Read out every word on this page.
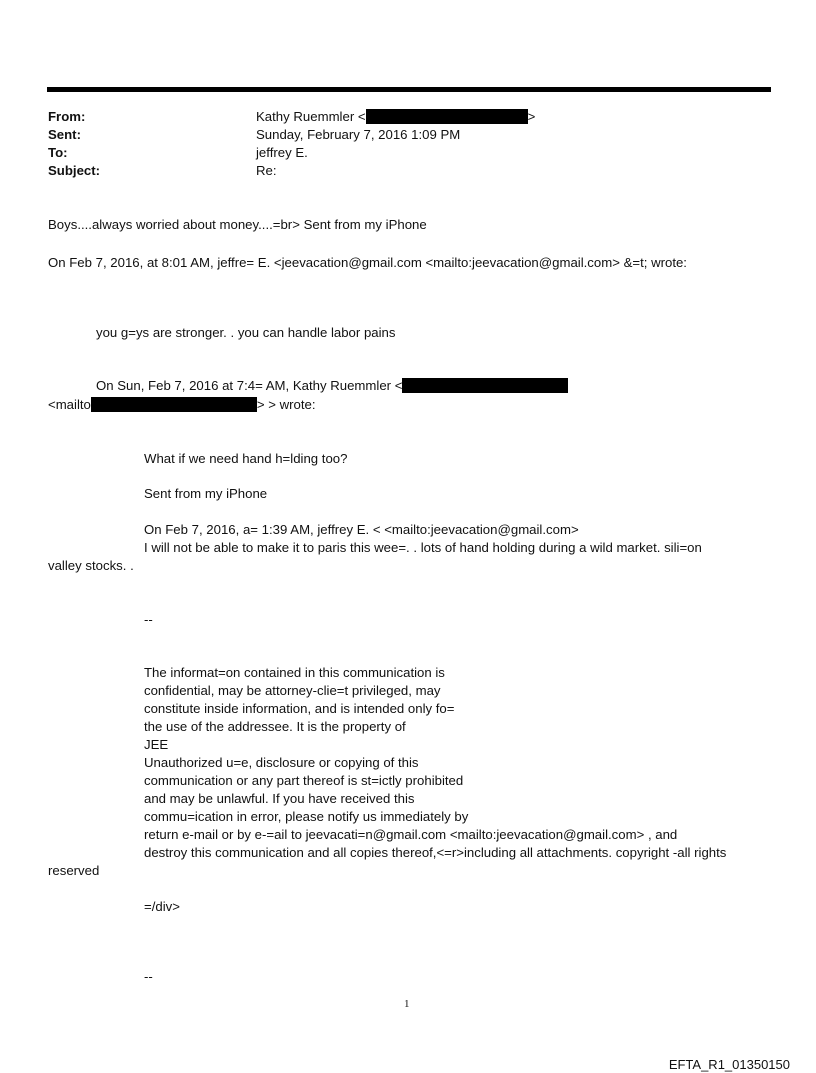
From:	Kathy Ruemmler <	>
Sent:	Sunday, February 7, 2016 1:09 PM
To:	jeffrey E.
Subject:	Re:
Boys....always worried about money....=br> Sent from my iPhone
On Feb 7, 2016, at 8:01 AM, jeffre= E. <jeevacation@gmail.com <mailto:jeevacation@gmail.com> &=t; wrote:
you g=ys are stronger. . you can handle labor pains
On Sun, Feb 7, 2016 at 7:4= AM, Kathy Ruemmler <
<mailto	> > wrote:
What if we need hand h=lding too?
Sent from my iPhone
On Feb 7, 2016, a= 1:39 AM, jeffrey E. < <mailto:jeevacation@gmail.com>
I will not be able to make it to paris this wee=. . lots of hand holding during a wild market. sili=on
valley stocks. .
--
The informat=on contained in this communication is
confidential, may be attorney-clie=t privileged, may
constitute inside information, and is intended only fo=
the use of the addressee. It is the property of
JEE
Unauthorized u=e, disclosure or copying of this
communication or any part thereof is st=ictly prohibited
and may be unlawful. If you have received this
commu=ication in error, please notify us immediately by
return e-mail or by e-=ail to jeevacati=n@gmail.com <mailto:jeevacation@gmail.com> , and
destroy this communication and all copies thereof,<=r>including all attachments. copyright -all rights
reserved
=/div>
--
1
EFTA_R1_01350150
